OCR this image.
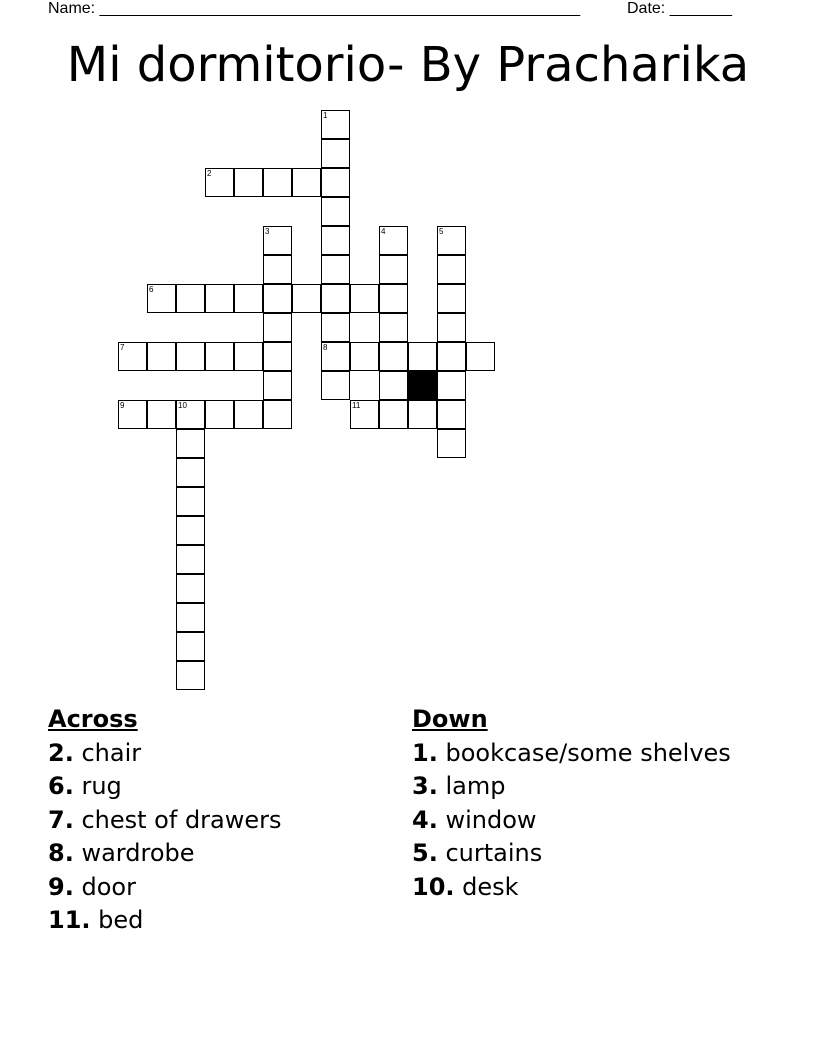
Name: ______________________________________________________	Date: _______
Mi dormitorio- By Pracharika
1
2
3	4	5
6
7	8
9	10	11
Across
2. chair
6. rug
7. chest of drawers
8. wardrobe
9. door
11. bed
Down
1. bookcase/some shelves
3. lamp
4. window
5. curtains
10. desk
